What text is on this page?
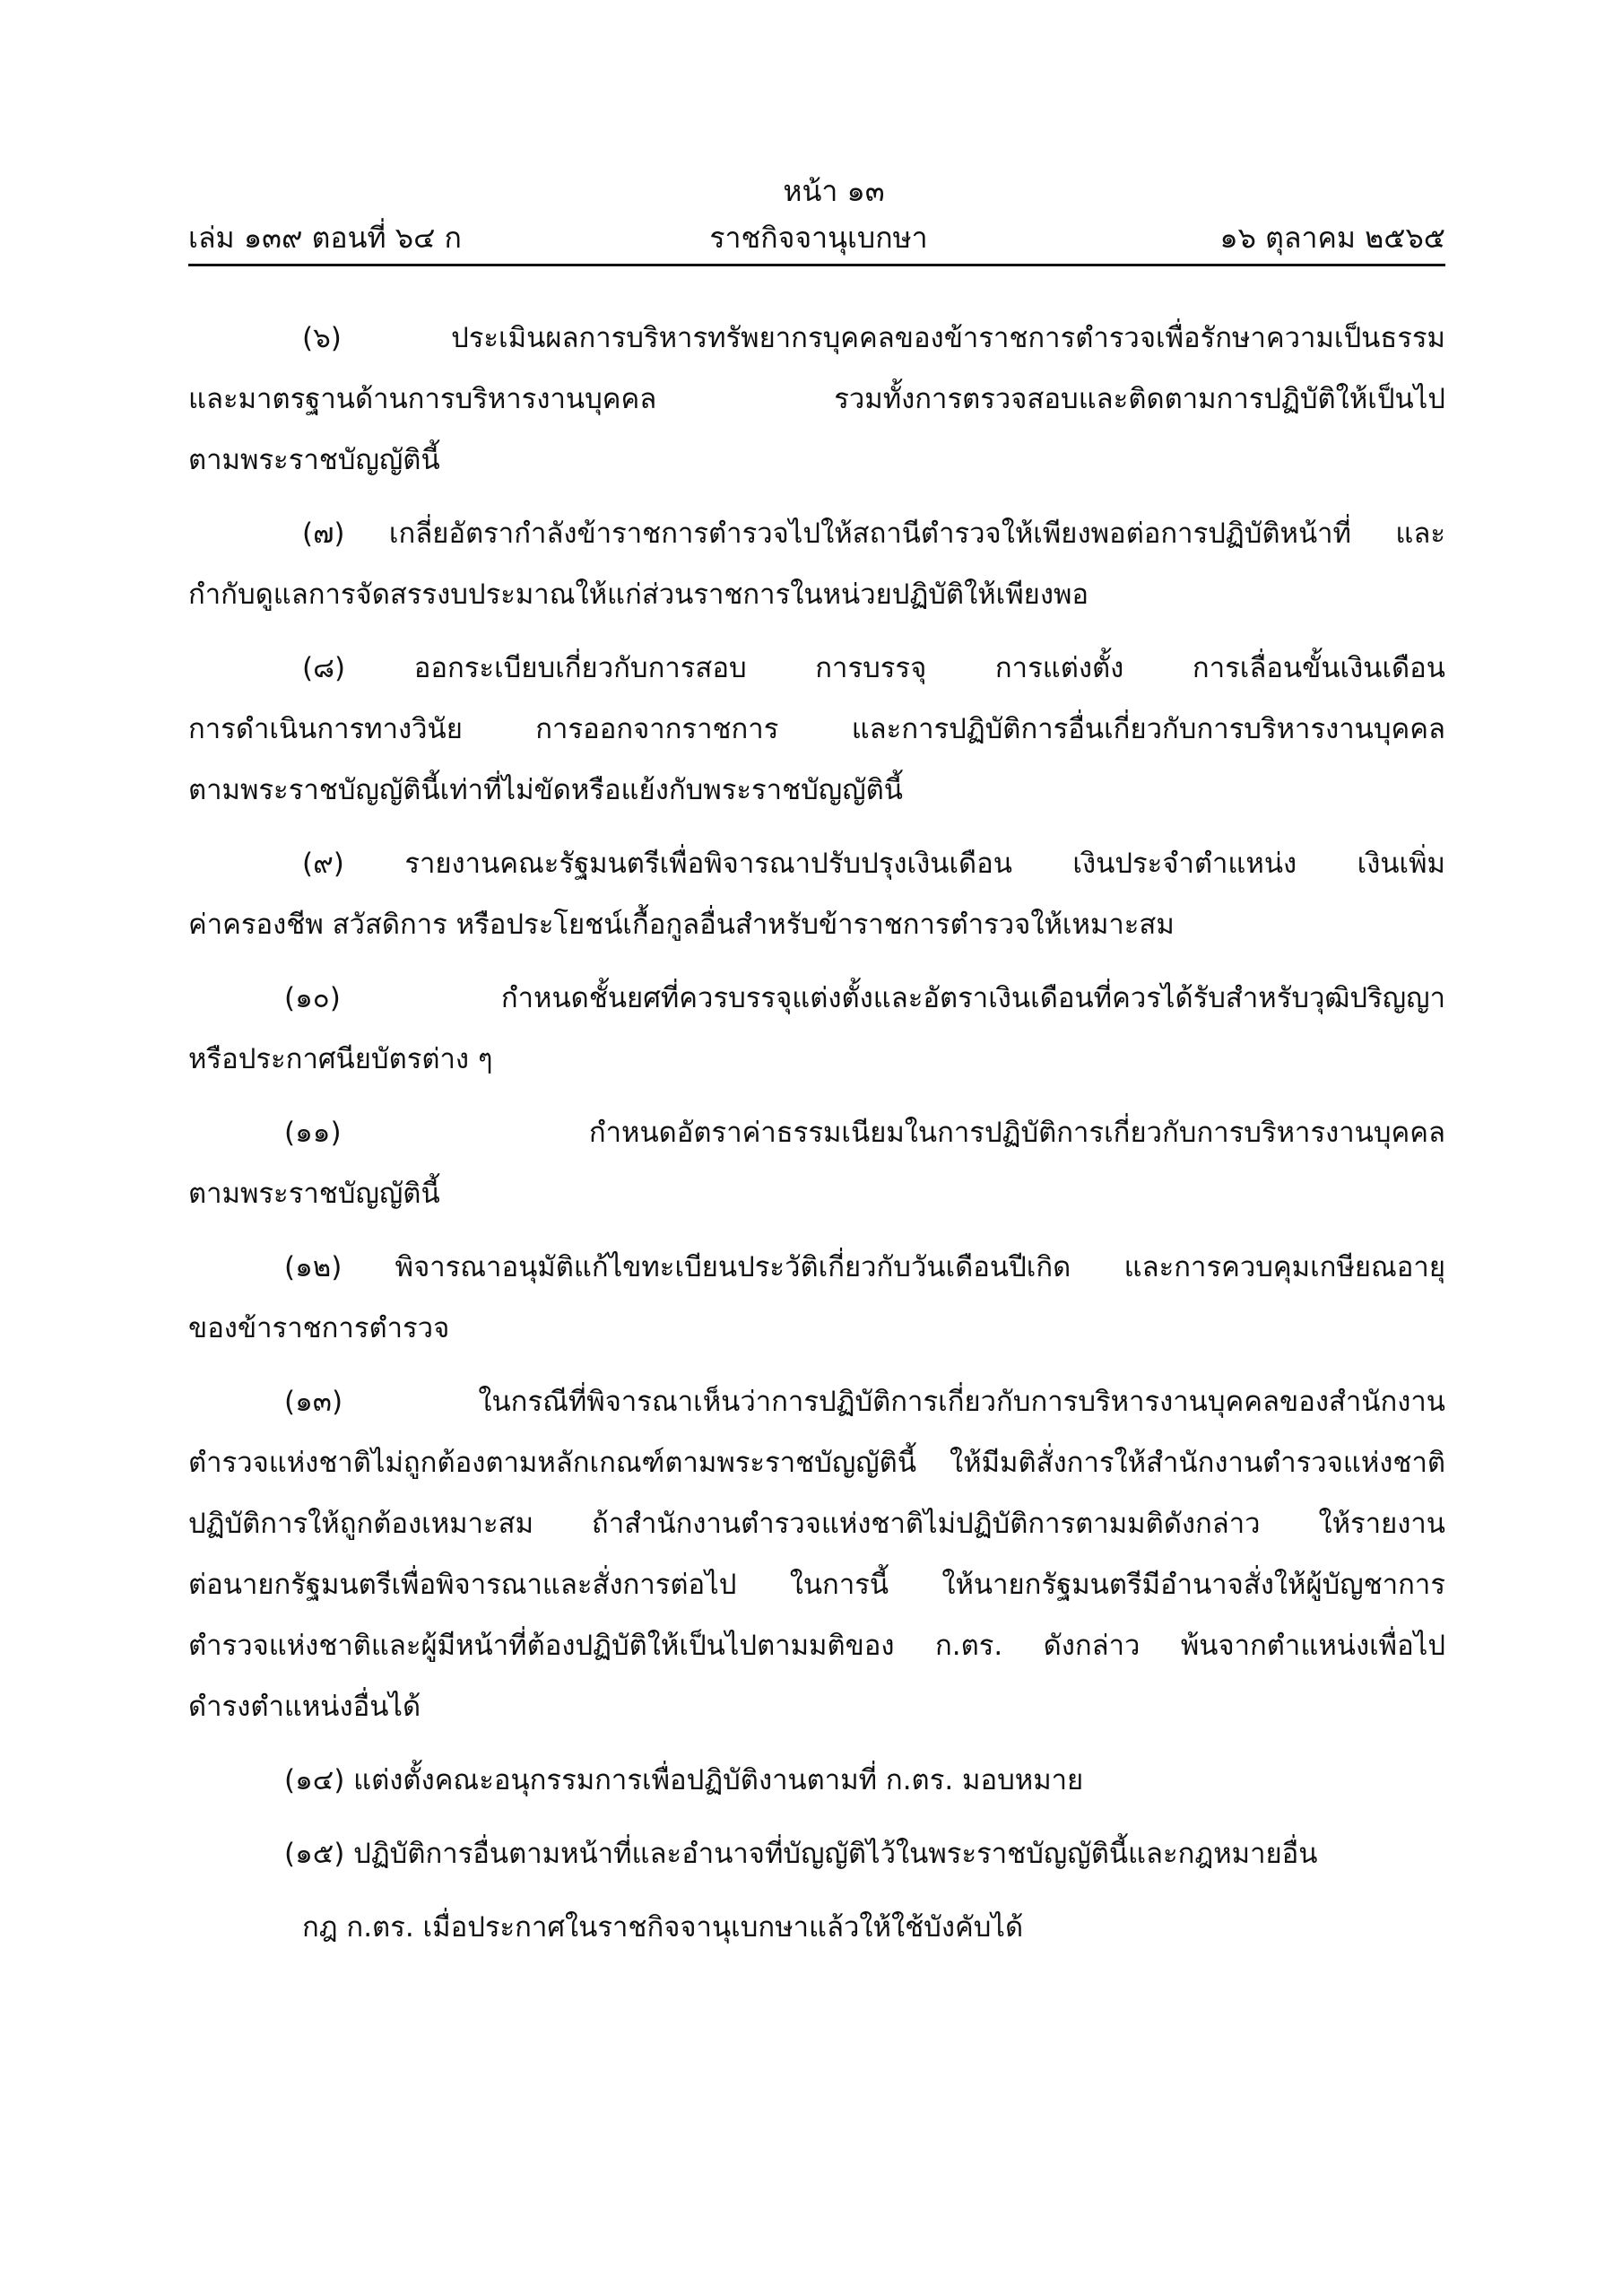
หน้า ๑๓
เล่ม ๑๓๙ ตอนที่ ๖๔ ก	ราชกิจจานุเบกษา	๑๖ ตุลาคม ๒๕๖๕
(๖) ประเมินผลการบริหารทรัพยากรบุคคลของข้าราชการตำรวจเพื่อรักษาความเป็นธรรม
และมาตรฐานด้านการบริหารงานบุคคล รวมทั้งการตรวจสอบและติดตามการปฏิบัติให้เป็นไป
ตามพระราชบัญญัตินี้
(๗) เกลี่ยอัตรากำลังข้าราชการตำรวจไปให้สถานีตำรวจให้เพียงพอต่อการปฏิบัติหน้าที่ และ
กำกับดูแลการจัดสรรงบประมาณให้แก่ส่วนราชการในหน่วยปฏิบัติให้เพียงพอ
(๘) ออกระเบียบเกี่ยวกับการสอบ การบรรจุ การแต่งตั้ง การเลื่อนขั้นเงินเดือน
การดำเนินการทางวินัย การออกจากราชการ และการปฏิบัติการอื่นเกี่ยวกับการบริหารงานบุคคล
ตามพระราชบัญญัตินี้เท่าที่ไม่ขัดหรือแย้งกับพระราชบัญญัตินี้
(๙) รายงานคณะรัฐมนตรีเพื่อพิจารณาปรับปรุงเงินเดือน เงินประจำตำแหน่ง เงินเพิ่ม
ค่าครองชีพ สวัสดิการ หรือประโยชน์เกื้อกูลอื่นสำหรับข้าราชการตำรวจให้เหมาะสม
(๑๐) กำหนดชั้นยศที่ควรบรรจุแต่งตั้งและอัตราเงินเดือนที่ควรได้รับสำหรับวุฒิปริญญา
หรือประกาศนียบัตรต่าง ๆ
(๑๑) กำหนดอัตราค่าธรรมเนียมในการปฏิบัติการเกี่ยวกับการบริหารงานบุคคล
ตามพระราชบัญญัตินี้
(๑๒) พิจารณาอนุมัติแก้ไขทะเบียนประวัติเกี่ยวกับวันเดือนปีเกิด และการควบคุมเกษียณอายุ
ของข้าราชการตำรวจ
(๑๓) ในกรณีที่พิจารณาเห็นว่าการปฏิบัติการเกี่ยวกับการบริหารงานบุคคลของสำนักงาน
ตำรวจแห่งชาติไม่ถูกต้องตามหลักเกณฑ์ตามพระราชบัญญัตินี้ ให้มีมติสั่งการให้สำนักงานตำรวจแห่งชาติ
ปฏิบัติการให้ถูกต้องเหมาะสม ถ้าสำนักงานตำรวจแห่งชาติไม่ปฏิบัติการตามมติดังกล่าว ให้รายงาน
ต่อนายกรัฐมนตรีเพื่อพิจารณาและสั่งการต่อไป ในการนี้ ให้นายกรัฐมนตรีมีอำนาจสั่งให้ผู้บัญชาการ
ตำรวจแห่งชาติและผู้มีหน้าที่ต้องปฏิบัติให้เป็นไปตามมติของ ก.ตร. ดังกล่าว พ้นจากตำแหน่งเพื่อไป
ดำรงตำแหน่งอื่นได้
(๑๔) แต่งตั้งคณะอนุกรรมการเพื่อปฏิบัติงานตามที่ ก.ตร. มอบหมาย
(๑๕) ปฏิบัติการอื่นตามหน้าที่และอำนาจที่บัญญัติไว้ในพระราชบัญญัตินี้และกฎหมายอื่น
กฎ ก.ตร. เมื่อประกาศในราชกิจจานุเบกษาแล้วให้ใช้บังคับได้
